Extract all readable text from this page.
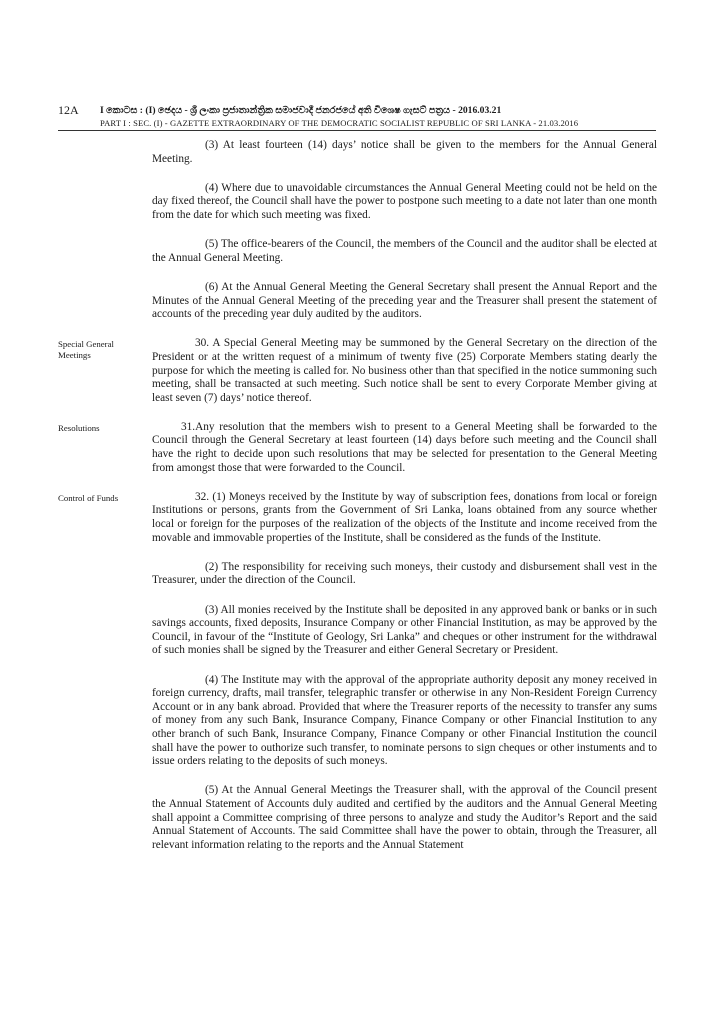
12A I කොටස : (I) ඡෙදය - ශ්‍රී ලංකා ප්‍රජාතාන්ත්‍රික සමාජවාදී ජනරජයේ අති විශෙෂ ගැසට් පත්‍රය - 2016.03.21
PART I : SEC. (I) - GAZETTE EXTRAORDINARY OF THE DEMOCRATIC SOCIALIST REPUBLIC OF SRI LANKA - 21.03.2016

(3) At least fourteen (14) days’ notice shall be given to the members for the Annual General Meeting.

(4) Where due to unavoidable circumstances the Annual General Meeting could not be held on the day fixed thereof, the Council shall have the power to postpone such meeting to a date not later than one month from the date for which such meeting was fixed.

(5) The office-bearers of the Council, the members of the Council and the auditor shall be elected at the Annual General Meeting.

(6) At the Annual General Meeting the General Secretary shall present the Annual Report and the Minutes of the Annual General Meeting of the preceding year and the Treasurer shall present the statement of accounts of the preceding year duly audited by the auditors.

Special General Meetings
30. A Special General Meeting may be summoned by the General Secretary on the direction of the President or at the written request of a minimum of twenty five (25) Corporate Members stating dearly the purpose for which the meeting is called for. No business other than that specified in the notice summoning such meeting, shall be transacted at such meeting. Such notice shall be sent to every Corporate Member giving at least seven (7) days’ notice thereof.
Resolutions	31.Any resolution that the members wish to present to a General Meeting shall be forwarded to the Council through the General Secretary at least fourteen (14) days before such meeting and the Council shall have the right to decide upon such resolutions that may be selected for presentation to the General Meeting from amongst those that were forwarded to the Council.
Control of Funds	32. (1) Moneys received by the Institute by way of subscription fees, donations from local or foreign Institutions or persons, grants from the Government of Sri Lanka, loans obtained from any source whether local or foreign for the purposes of the realization of the objects of the Institute and income received from the movable and immovable properties of the Institute, shall be considered as the funds of the Institute.

(2) The responsibility for receiving such moneys, their custody and disbursement shall vest in the Treasurer, under the direction of the Council.

(3) All monies received by the Institute shall be deposited in any approved bank or banks or in such savings accounts, fixed deposits, Insurance Company or other Financial Institution, as may be approved by the Council, in favour of the “Institute of Geology, Sri Lanka” and cheques or other instrument for the withdrawal of such monies shall be signed by the Treasurer and either General Secretary or President.

(4) The Institute may with the approval of the appropriate authority deposit any money received in foreign currency, drafts, mail transfer, telegraphic transfer or otherwise in any Non-Resident Foreign Currency Account or in any bank abroad. Provided that where the Treasurer reports of the necessity to transfer any sums of money from any such Bank, Insurance Company, Finance Company or other Financial Institution to any other branch of such Bank, Insurance Company, Finance Company or other Financial Institution the council shall have the power to outhorize such transfer, to nominate persons to sign cheques or other instuments and to issue orders relating to the deposits of such moneys.

(5) At the Annual General Meetings the Treasurer shall, with the approval of the Council present the Annual Statement of Accounts duly audited and certified by the auditors and the Annual General Meeting shall appoint a Committee comprising of three persons to analyze and study the Auditor’s Report and the said Annual Statement of Accounts. The said Committee shall have the power to obtain, through the Treasurer, all relevant information relating to the reports and the Annual Statement
